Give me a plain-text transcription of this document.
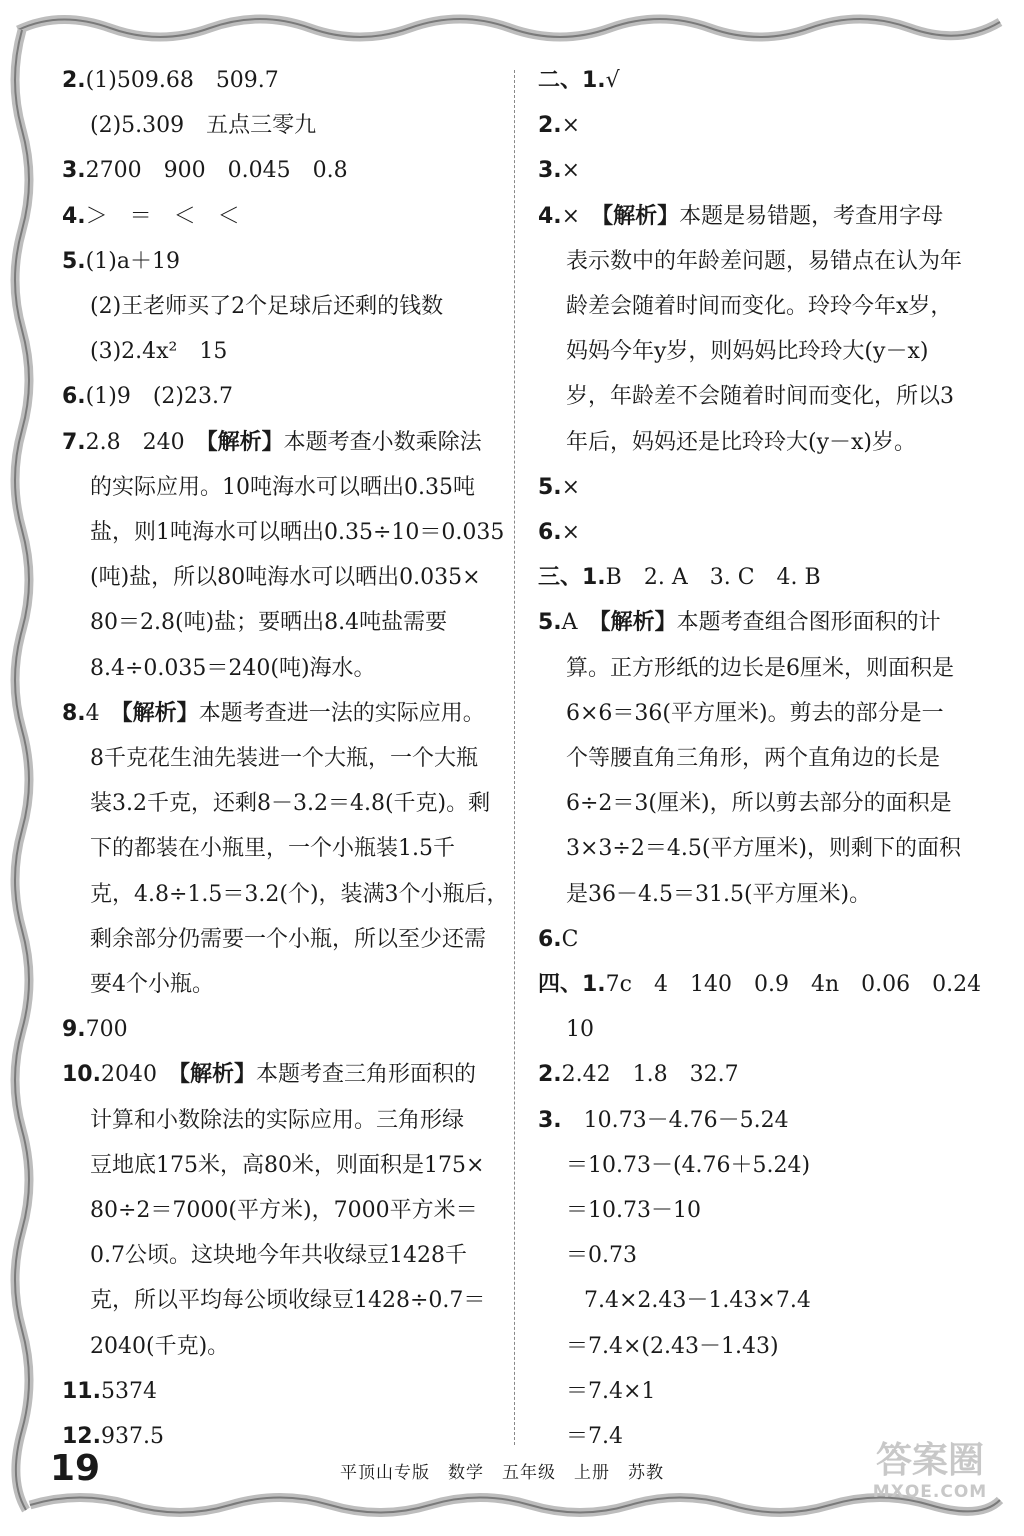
2.(1)509.68　509.7

(2)5.309　五点三零九

3.2700　900　0.045　0.8

4.＞　＝　＜　＜

5.(1)a＋19

(2)王老师买了2个足球后还剩的钱数

(3)2.4x²　15

6.(1)9　(2)23.7

7.2.8　240　【解析】本题考查小数乘除法

的实际应用。10吨海水可以晒出0.35吨

盐，则1吨海水可以晒出0.35÷10＝0.035

(吨)盐，所以80吨海水可以晒出0.035×

80＝2.8(吨)盐；要晒出8.4吨盐需要

8.4÷0.035＝240(吨)海水。

8.4　【解析】本题考查进一法的实际应用。

8千克花生油先装进一个大瓶，一个大瓶

装3.2千克，还剩8－3.2＝4.8(千克)。剩

下的都装在小瓶里，一个小瓶装1.5千

克，4.8÷1.5＝3.2(个)，装满3个小瓶后，

剩余部分仍需要一个小瓶，所以至少还需

要4个小瓶。

9.700

10.2040　【解析】本题考查三角形面积的

计算和小数除法的实际应用。三角形绿

豆地底175米，高80米，则面积是175×

80÷2＝7000(平方米)，7000平方米＝

0.7公顷。这块地今年共收绿豆1428千

克，所以平均每公顷收绿豆1428÷0.7＝

2040(千克)。

11.5374

12.937.5

二、1.√

2.×

3.×

4.×　【解析】本题是易错题，考查用字母

表示数中的年龄差问题，易错点在认为年

龄差会随着时间而变化。玲玲今年x岁，

妈妈今年y岁，则妈妈比玲玲大(y－x)

岁，年龄差不会随着时间而变化，所以3

年后，妈妈还是比玲玲大(y－x)岁。

5.×

6.×

三、1.B　2. A　3. C　4. B

5.A　【解析】本题考查组合图形面积的计

算。正方形纸的边长是6厘米，则面积是

6×6＝36(平方厘米)。剪去的部分是一

个等腰直角三角形，两个直角边的长是

6÷2＝3(厘米)，所以剪去部分的面积是

3×3÷2＝4.5(平方厘米)，则剩下的面积

是36－4.5＝31.5(平方厘米)。

6.C

四、1.7c　4　140　0.9　4n　0.06　0.24

10

2.2.42　1.8　32.7

3.　10.73－4.76－5.24

＝10.73－(4.76＋5.24)

＝10.73－10

＝0.73

7.4×2.43－1.43×7.4

＝7.4×(2.43－1.43)

＝7.4×1

＝7.4

19	平顶山专版　数学　五年级　上册　苏教	答案圈
MXQE.COM
